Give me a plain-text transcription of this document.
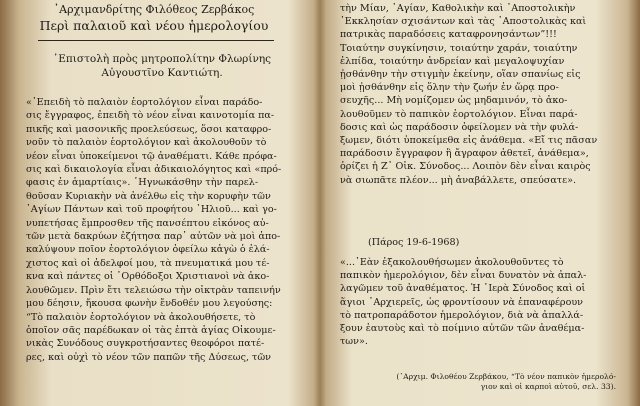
᾿Αρχιμανδρίτης Φιλόθεος Ζερβάκος
Περὶ παλαιοῦ καὶ νέου ἡμερολογίου
᾿Επιστολὴ πρὸς μητροπολίτην Φλωρίνης
Αὐγουστῖνο Καντιώτη.

«᾿Επειδὴ τὸ παλαιὸν ἑορτολόγιον εἶναι παράδο-
σις ἔγγραφος, ἐπειδὴ τὸ νέον εἶναι καινοτομία πα-
πικῆς καὶ μασονικῆς προελεύσεως, ὅσοι καταφρο-
νοῦν τὸ παλαιὸν ἑορτολόγιον καὶ ἀκολουθοῦν τὸ
νέον εἶναι ὑποκείμενοι τῷ ἀναθέματι. Κάθε πρόφα-
σις καὶ δικαιολογία εἶναι ἀδικαιολόγητος καὶ «πρό-
φασις ἐν ἁμαρτίαις». ῾Ηγνωκάσθην τὴν παρελ-
θοῦσαν Κυριακὴν νὰ ἀνέλθω εἰς τὴν κορυφὴν τῶν
῾Αγίων Πάντων καὶ τοῦ προφήτου ᾿Ηλιοῦ... καὶ γο-
νυπετήσας ἔμπροσθεν τῆς πανσέπτου εἰκόνος αὐ-
τῶν μετὰ δακρύων ἐζήτησα παρ᾿ αὐτῶν νὰ μοὶ ἀπο-
καλύψουν ποῖον ἑορτολόγιον ὀφείλω κἀγὼ ὁ ἐλά-
χιστος καὶ οἱ ἀδελφοί μου, τὰ πνευματικά μου τέ-
κνα καὶ πάντες οἱ ᾿Ορθόδοξοι Χριστιανοὶ νὰ ἀκο-
λουθῶμεν. Πρὶν ἔτι τελειώσω τὴν οἰκτρὰν ταπεινήν
μου δέησιν, ἤκουσα φωνὴν ἔνδοθέν μου λεγούσης:
“Τὸ παλαιὸν ἑορτολόγιον νὰ ἀκολουθήσετε, τὸ
ὁποῖον σᾶς παρέδωκαν οἱ τὰς ἑπτὰ ἁγίας Οἰκουμε-
νικὰς Συνόδους συγκροτήσαντες θεοφόροι πατέ-
ρες, καὶ οὐχὶ τὸ νέον τῶν παπῶν τῆς Δύσεως, τῶν

τὴν Μίαν, ῾Αγίαν, Καθολικὴν καὶ ᾿Αποστολικὴν
᾿Εκκλησίαν σχισάντων καὶ τὰς ᾿Αποστολικὰς καὶ
πατρικὰς παραδόσεις καταφρονησάντων”!!!
Τοιαύτην συγκίνησιν, τοιαύτην χαράν, τοιαύτην
ἐλπίδα, τοιαύτην ἀνδρείαν καὶ μεγαλοψυχίαν
ᾐσθάνθην τὴν στιγμὴν ἐκείνην, οἵαν σπανίως εἰς
μοὶ ᾐσθάνθην εἰς ὅλην τὴν ζωήν ἐν ὥρᾳ προ-
σευχῆς... Μὴ νομίζομεν ὡς μηδαμινόν, τὸ ἀκο-
λουθοῦμεν τὸ παπικὸν ἑορτολόγιον. Εἶναι παρά-
δοσις καὶ ὡς παράδοσιν ὀφείλομεν νὰ τὴν φυλά-
ξωμεν, διότι ὑποκείμεθα εἰς ἀνάθεμα. «Εἴ τις πᾶσαν
παράδοσιν ἔγγραφον ἢ ἄγραφον ἀθετεῖ, ἀνάθεμα»,
ὁρίζει ἡ Ζ᾿ Οἰκ. Σύνοδος... Λοιπὸν δὲν εἶναι καιρὸς
νὰ σιωπᾶτε πλέον... μὴ ἀναβάλλετε, σπεύσατε».

(Πάρος 19-6-1968)

«...᾿Εὰν ἐξακολουθήσωμεν ἀκολουθοῦντες τὸ
παπικὸν ἡμερολόγιον, δὲν εἶναι δυνατὸν νὰ ἀπαλ-
λαγῶμεν τοῦ ἀναθέματος. Ἡ ῾Ιερὰ Σύνοδος καὶ οἱ
ἅγιοι ᾿Αρχιερεῖς, ὡς φροντίσουν νὰ ἐπαναφέρουν
τὸ πατροπαράδοτον ἡμερολόγιον, διὰ νὰ ἀπαλλά-
ξουν ἑαυτοὺς καὶ τὸ ποίμνιο αὐτῶν τῶν ἀναθέμα-
των».

(᾿Αρχιμ. Φιλοθέου Ζερβάκου, “Τὸ νέον παπικὸν ἡμερολό-
γιον καὶ οἱ καρποὶ αὐτοῦ, σελ. 33).
